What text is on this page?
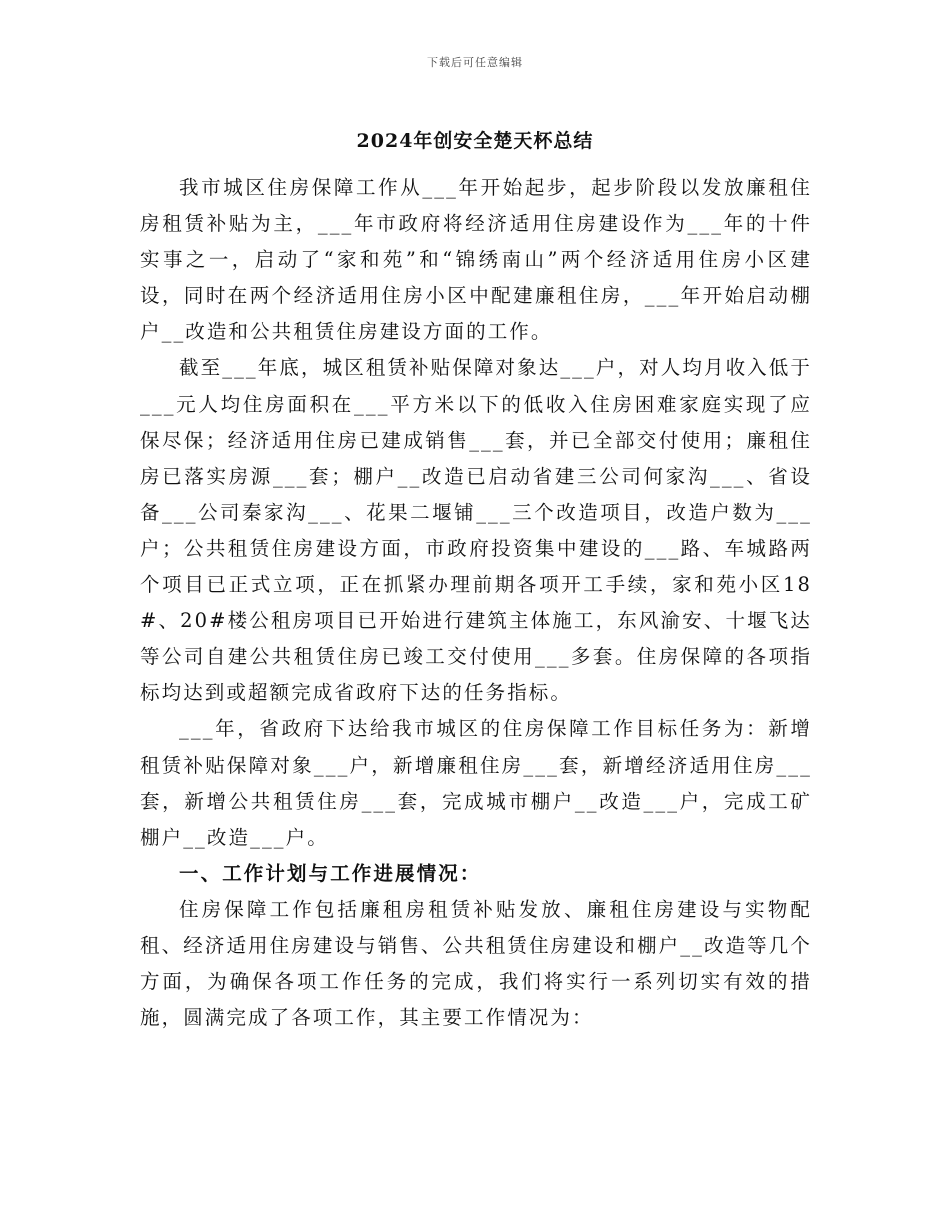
下载后可任意编辑
2024年创安全楚天杯总结

我市城区住房保障工作从___年开始起步，起步阶段以发放廉租住房租赁补贴为主，___年市政府将经济适用住房建设作为___年的十件实事之一，启动了“家和苑”和“锦绣南山”两个经济适用住房小区建设，同时在两个经济适用住房小区中配建廉租住房，___年开始启动棚户__改造和公共租赁住房建设方面的工作。

截至___年底，城区租赁补贴保障对象达___户，对人均月收入低于___元人均住房面积在___平方米以下的低收入住房困难家庭实现了应保尽保；经济适用住房已建成销售___套，并已全部交付使用；廉租住房已落实房源___套；棚户__改造已启动省建三公司何家沟___、省设备___公司秦家沟___、花果二堰铺___三个改造项目，改造户数为___户；公共租赁住房建设方面，市政府投资集中建设的___路、车城路两个项目已正式立项，正在抓紧办理前期各项开工手续，家和苑小区18#、20#楼公租房项目已开始进行建筑主体施工，东风渝安、十堰飞达等公司自建公共租赁住房已竣工交付使用___多套。住房保障的各项指标均达到或超额完成省政府下达的任务指标。

___年，省政府下达给我市城区的住房保障工作目标任务为：新增租赁补贴保障对象___户，新增廉租住房___套，新增经济适用住房___套，新增公共租赁住房___套，完成城市棚户__改造___户，完成工矿棚户__改造___户。

一、工作计划与工作进展情况：

住房保障工作包括廉租房租赁补贴发放、廉租住房建设与实物配租、经济适用住房建设与销售、公共租赁住房建设和棚户__改造等几个方面，为确保各项工作任务的完成，我们将实行一系列切实有效的措施，圆满完成了各项工作，其主要工作情况为：
